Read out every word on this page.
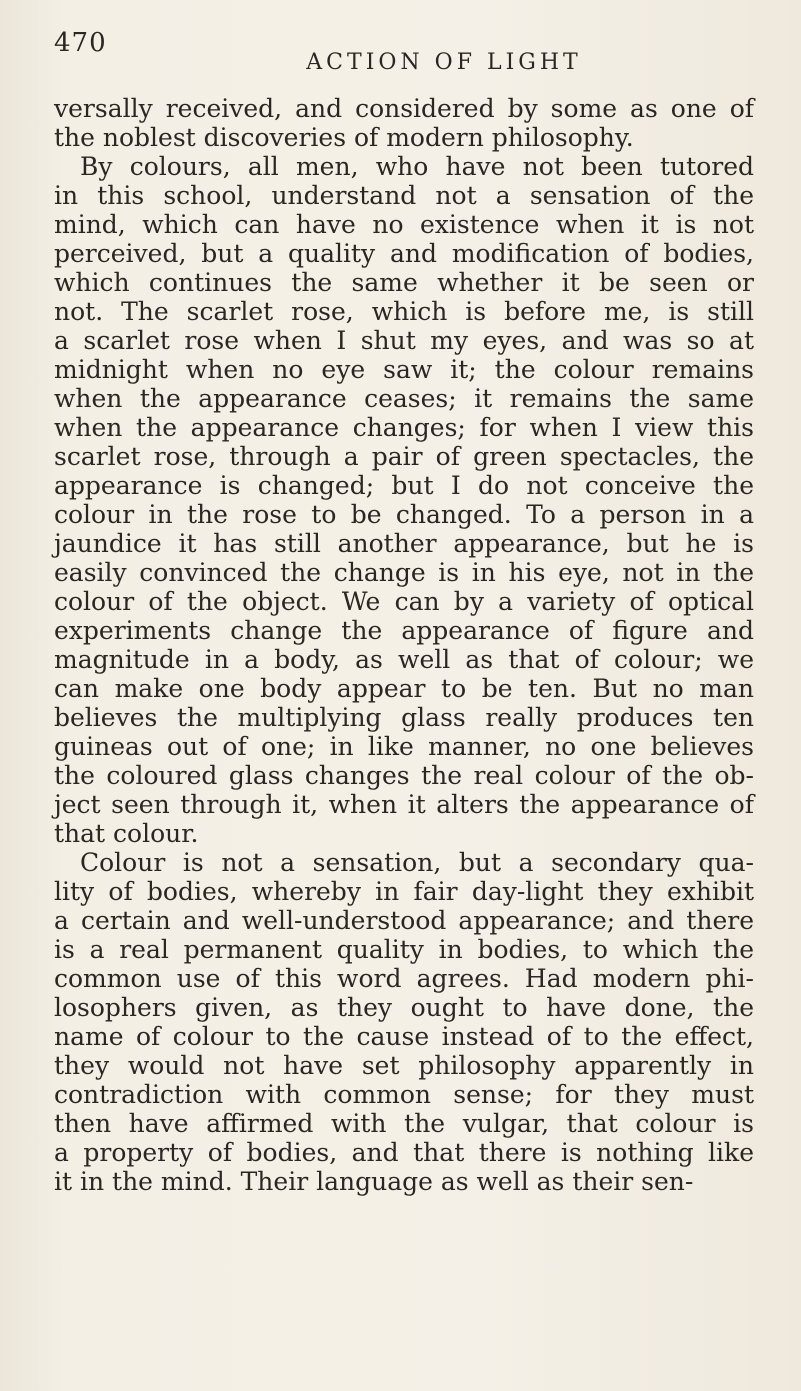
470
ACTION OF LIGHT
versally received, and considered by some as one of
the noblest discoveries of modern philosophy.
By colours, all men, who have not been tutored
in this school, understand not a sensation of the
mind, which can have no existence when it is not
perceived, but a quality and modification of bodies,
which continues the same whether it be seen or
not. The scarlet rose, which is before me, is still
a scarlet rose when I shut my eyes, and was so at
midnight when no eye saw it; the colour remains
when the appearance ceases; it remains the same
when the appearance changes; for when I view this
scarlet rose, through a pair of green spectacles, the
appearance is changed; but I do not conceive the
colour in the rose to be changed. To a person in a
jaundice it has still another appearance, but he is
easily convinced the change is in his eye, not in the
colour of the object. We can by a variety of optical
experiments change the appearance of figure and
magnitude in a body, as well as that of colour; we
can make one body appear to be ten. But no man
believes the multiplying glass really produces ten
guineas out of one; in like manner, no one believes
the coloured glass changes the real colour of the ob-
ject seen through it, when it alters the appearance of
that colour.
Colour is not a sensation, but a secondary qua-
lity of bodies, whereby in fair day-light they exhibit
a certain and well-understood appearance; and there
is a real permanent quality in bodies, to which the
common use of this word agrees. Had modern phi-
losophers given, as they ought to have done, the
name of colour to the cause instead of to the effect,
they would not have set philosophy apparently in
contradiction with common sense; for they must
then have affirmed with the vulgar, that colour is
a property of bodies, and that there is nothing like
it in the mind. Their language as well as their sen-
